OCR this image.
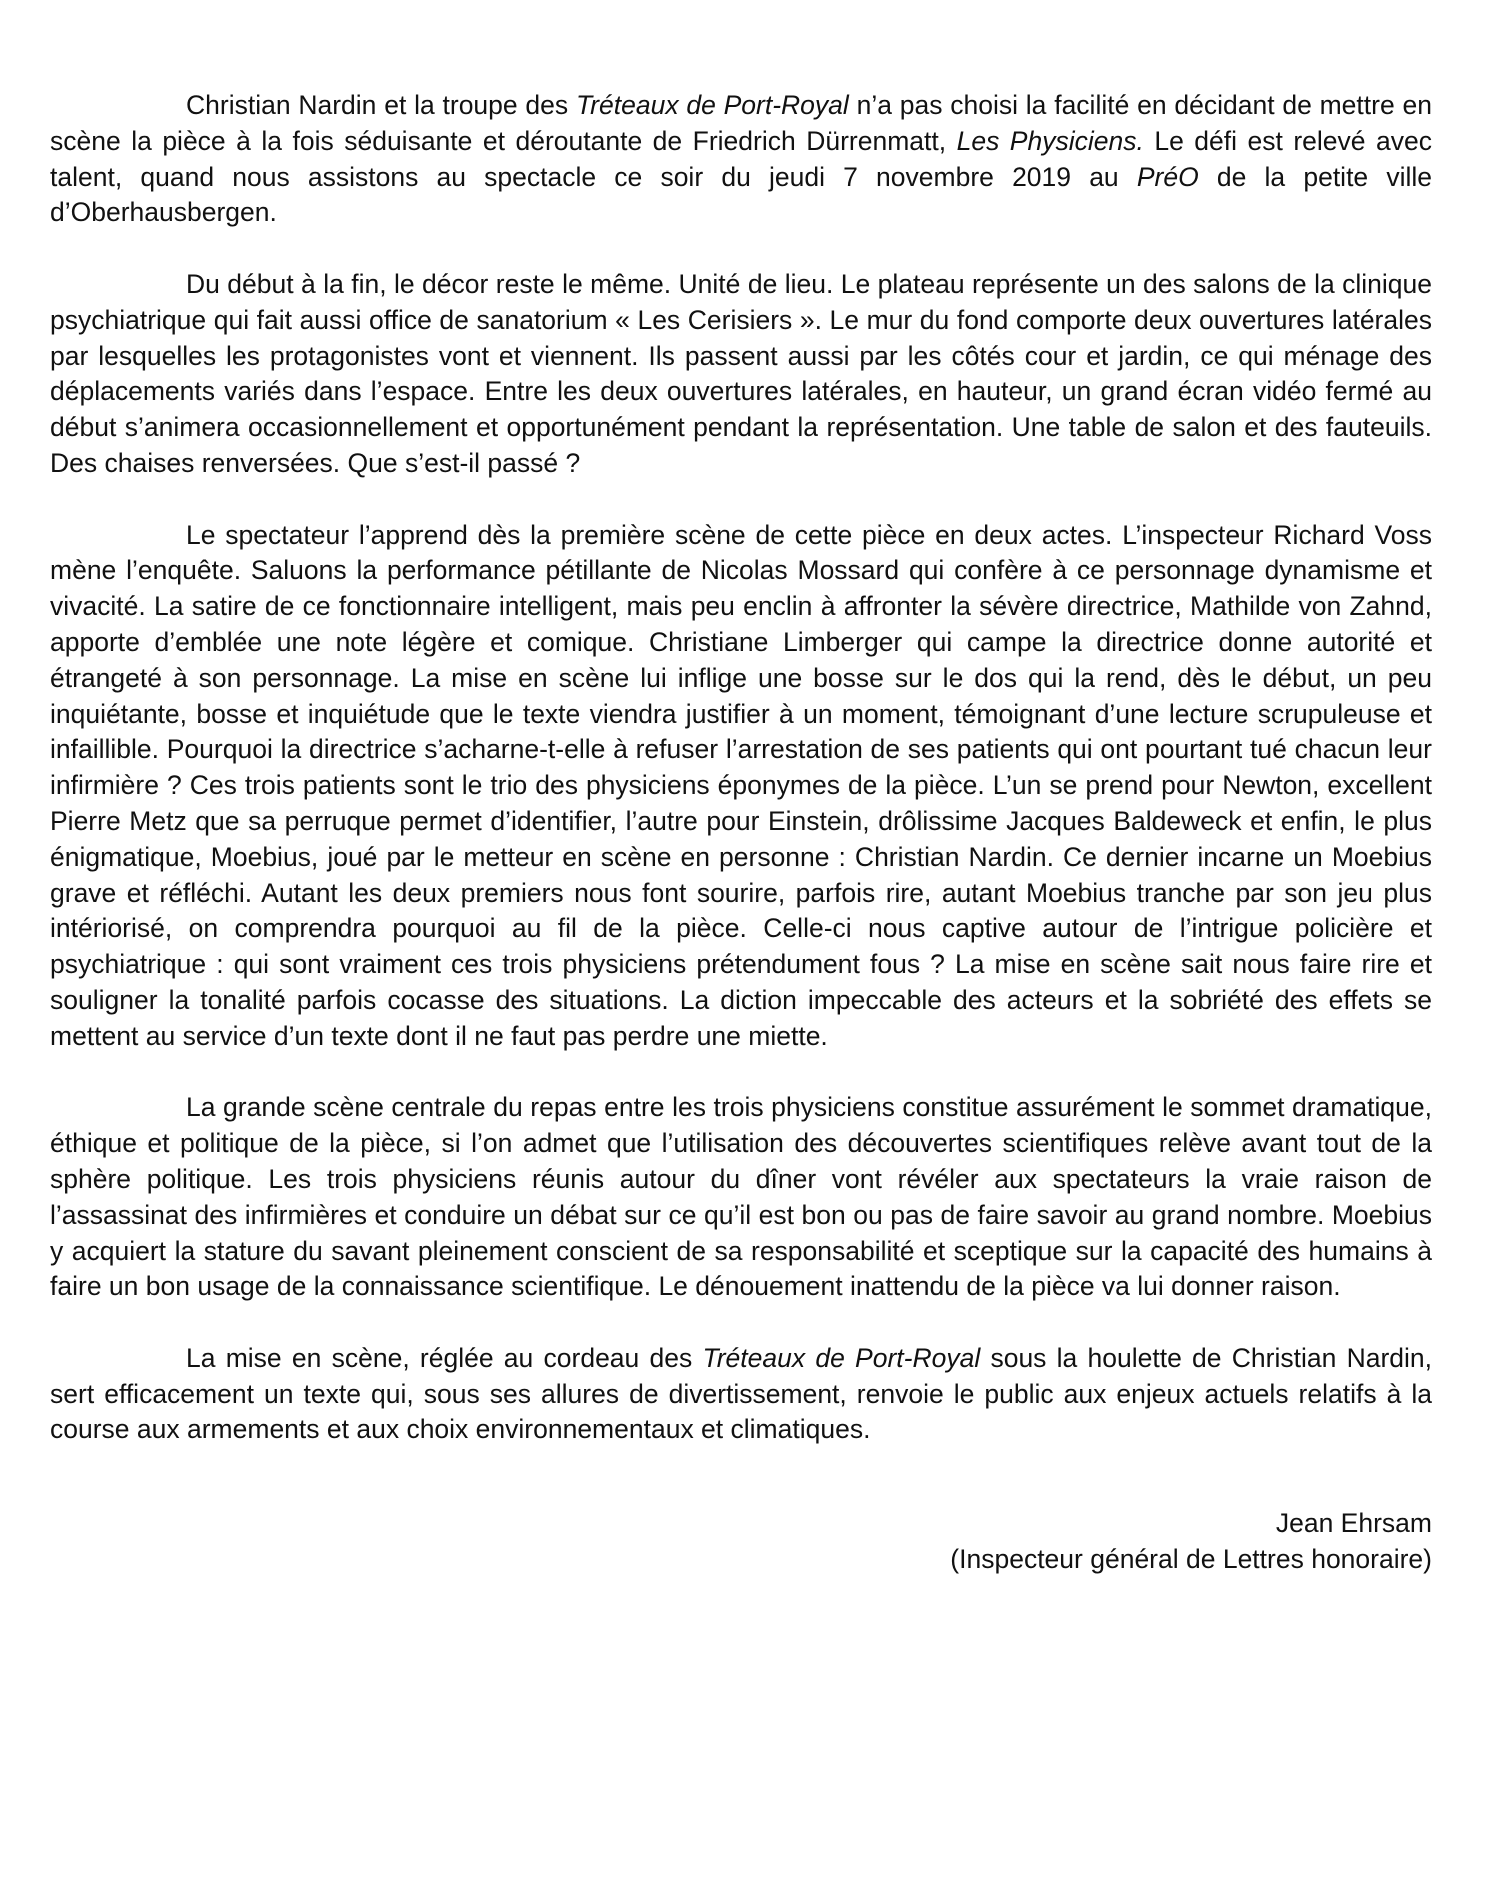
Christian Nardin et la troupe des Tréteaux de Port-Royal n’a pas choisi la facilité en décidant de mettre en scène la pièce à la fois séduisante et déroutante de Friedrich Dürrenmatt, Les Physiciens. Le défi est relevé avec talent, quand nous assistons au spectacle ce soir du jeudi 7 novembre 2019 au PréO de la petite ville d’Oberhausbergen.

Du début à la fin, le décor reste le même. Unité de lieu. Le plateau représente un des salons de la clinique psychiatrique qui fait aussi office de sanatorium « Les Cerisiers ». Le mur du fond comporte deux ouvertures latérales par lesquelles les protagonistes vont et viennent. Ils passent aussi par les côtés cour et jardin, ce qui ménage des déplacements variés dans l’espace. Entre les deux ouvertures latérales, en hauteur, un grand écran vidéo fermé au début s’animera occasionnellement et opportunément pendant la représentation. Une table de salon et des fauteuils. Des chaises renversées. Que s’est-il passé ?

Le spectateur l’apprend dès la première scène de cette pièce en deux actes. L’inspecteur Richard Voss mène l’enquête. Saluons la performance pétillante de Nicolas Mossard qui confère à ce personnage dynamisme et vivacité. La satire de ce fonctionnaire intelligent, mais peu enclin à affronter la sévère directrice, Mathilde von Zahnd, apporte d’emblée une note légère et comique. Christiane Limberger qui campe la directrice donne autorité et étrangeté à son personnage. La mise en scène lui inflige une bosse sur le dos qui la rend, dès le début, un peu inquiétante, bosse et inquiétude que le texte viendra justifier à un moment, témoignant d’une lecture scrupuleuse et infaillible. Pourquoi la directrice s’acharne-t-elle à refuser l’arrestation de ses patients qui ont pourtant tué chacun leur infirmière ? Ces trois patients sont le trio des physiciens éponymes de la pièce. L’un se prend pour Newton, excellent Pierre Metz que sa perruque permet d’identifier, l’autre pour Einstein, drôlissime Jacques Baldeweck et enfin, le plus énigmatique, Moebius, joué par le metteur en scène en personne : Christian Nardin. Ce dernier incarne un Moebius grave et réfléchi. Autant les deux premiers nous font sourire, parfois rire, autant Moebius tranche par son jeu plus intériorisé, on comprendra pourquoi au fil de la pièce. Celle-ci nous captive autour de l’intrigue policière et psychiatrique : qui sont vraiment ces trois physiciens prétendument fous ? La mise en scène sait nous faire rire et souligner la tonalité parfois cocasse des situations. La diction impeccable des acteurs et la sobriété des effets se mettent au service d’un texte dont il ne faut pas perdre une miette.

La grande scène centrale du repas entre les trois physiciens constitue assurément le sommet dramatique, éthique et politique de la pièce, si l’on admet que l’utilisation des découvertes scientifiques relève avant tout de la sphère politique. Les trois physiciens réunis autour du dîner vont révéler aux spectateurs la vraie raison de l’assassinat des infirmières et conduire un débat sur ce qu’il est bon ou pas de faire savoir au grand nombre. Moebius y acquiert la stature du savant pleinement conscient de sa responsabilité et sceptique sur la capacité des humains à faire un bon usage de la connaissance scientifique. Le dénouement inattendu de la pièce va lui donner raison.

La mise en scène, réglée au cordeau des Tréteaux de Port-Royal sous la houlette de Christian Nardin, sert efficacement un texte qui, sous ses allures de divertissement, renvoie le public aux enjeux actuels relatifs à la course aux armements et aux choix environnementaux et climatiques.

Jean Ehrsam
(Inspecteur général de Lettres honoraire)
